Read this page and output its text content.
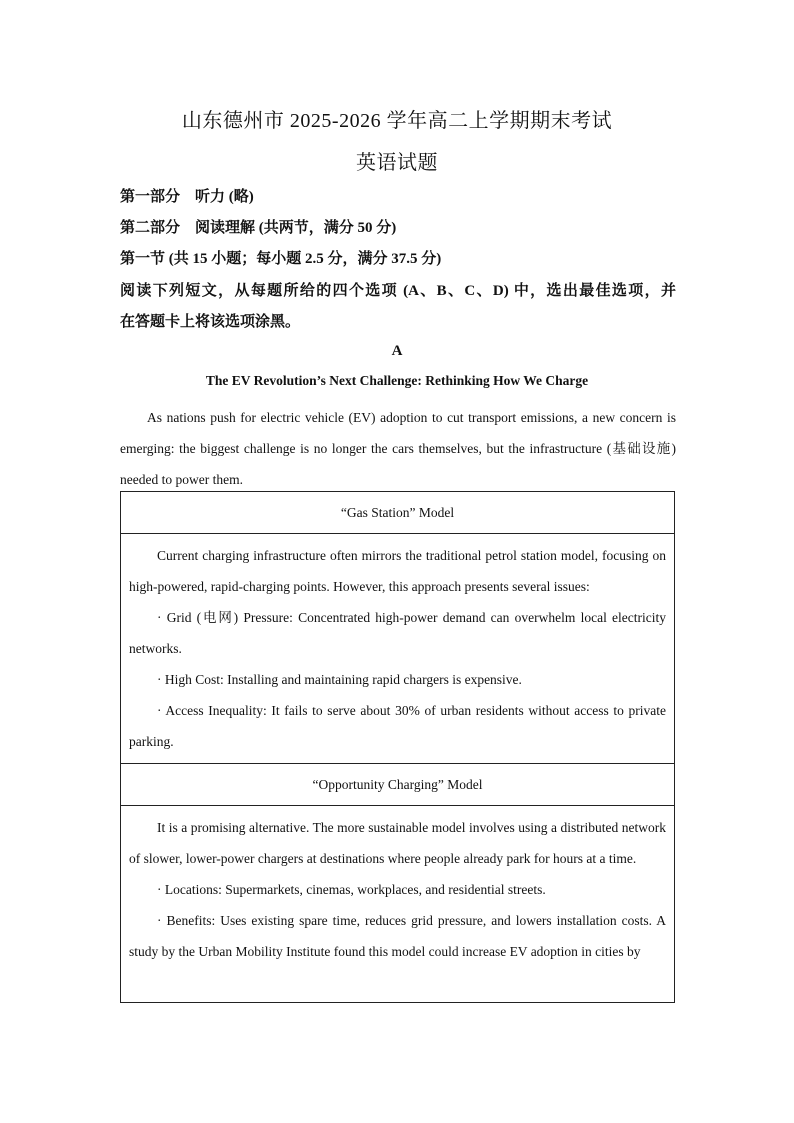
山东德州市 2025-2026 学年高二上学期期末考试
英语试题
第一部分　听力 (略)
第二部分　阅读理解 (共两节，满分 50 分)
第一节 (共 15 小题；每小题 2.5 分，满分 37.5 分)
阅读下列短文，从每题所给的四个选项 (A、B、C、D) 中，选出最佳选项，并
在答题卡上将该选项涂黑。
A
The EV Revolution’s Next Challenge: Rethinking How We Charge

As nations push for electric vehicle (EV) adoption to cut transport emissions, a new concern is emerging: the biggest challenge is no longer the cars themselves, but the infrastructure (基础设施) needed to power them.

“Gas Station” Model

Current charging infrastructure often mirrors the traditional petrol station model, focusing on high-powered, rapid-charging points. However, this approach presents several issues:

· Grid (电网) Pressure: Concentrated high-power demand can overwhelm local electricity networks.

· High Cost: Installing and maintaining rapid chargers is expensive.

· Access Inequality: It fails to serve about 30% of urban residents without access to private parking.

“Opportunity Charging” Model

It is a promising alternative. The more sustainable model involves using a distributed network of slower, lower-power chargers at destinations where people already park for hours at a time.

· Locations: Supermarkets, cinemas, workplaces, and residential streets.

· Benefits: Uses existing spare time, reduces grid pressure, and lowers installation costs. A study by the Urban Mobility Institute found this model could increase EV adoption in cities by
